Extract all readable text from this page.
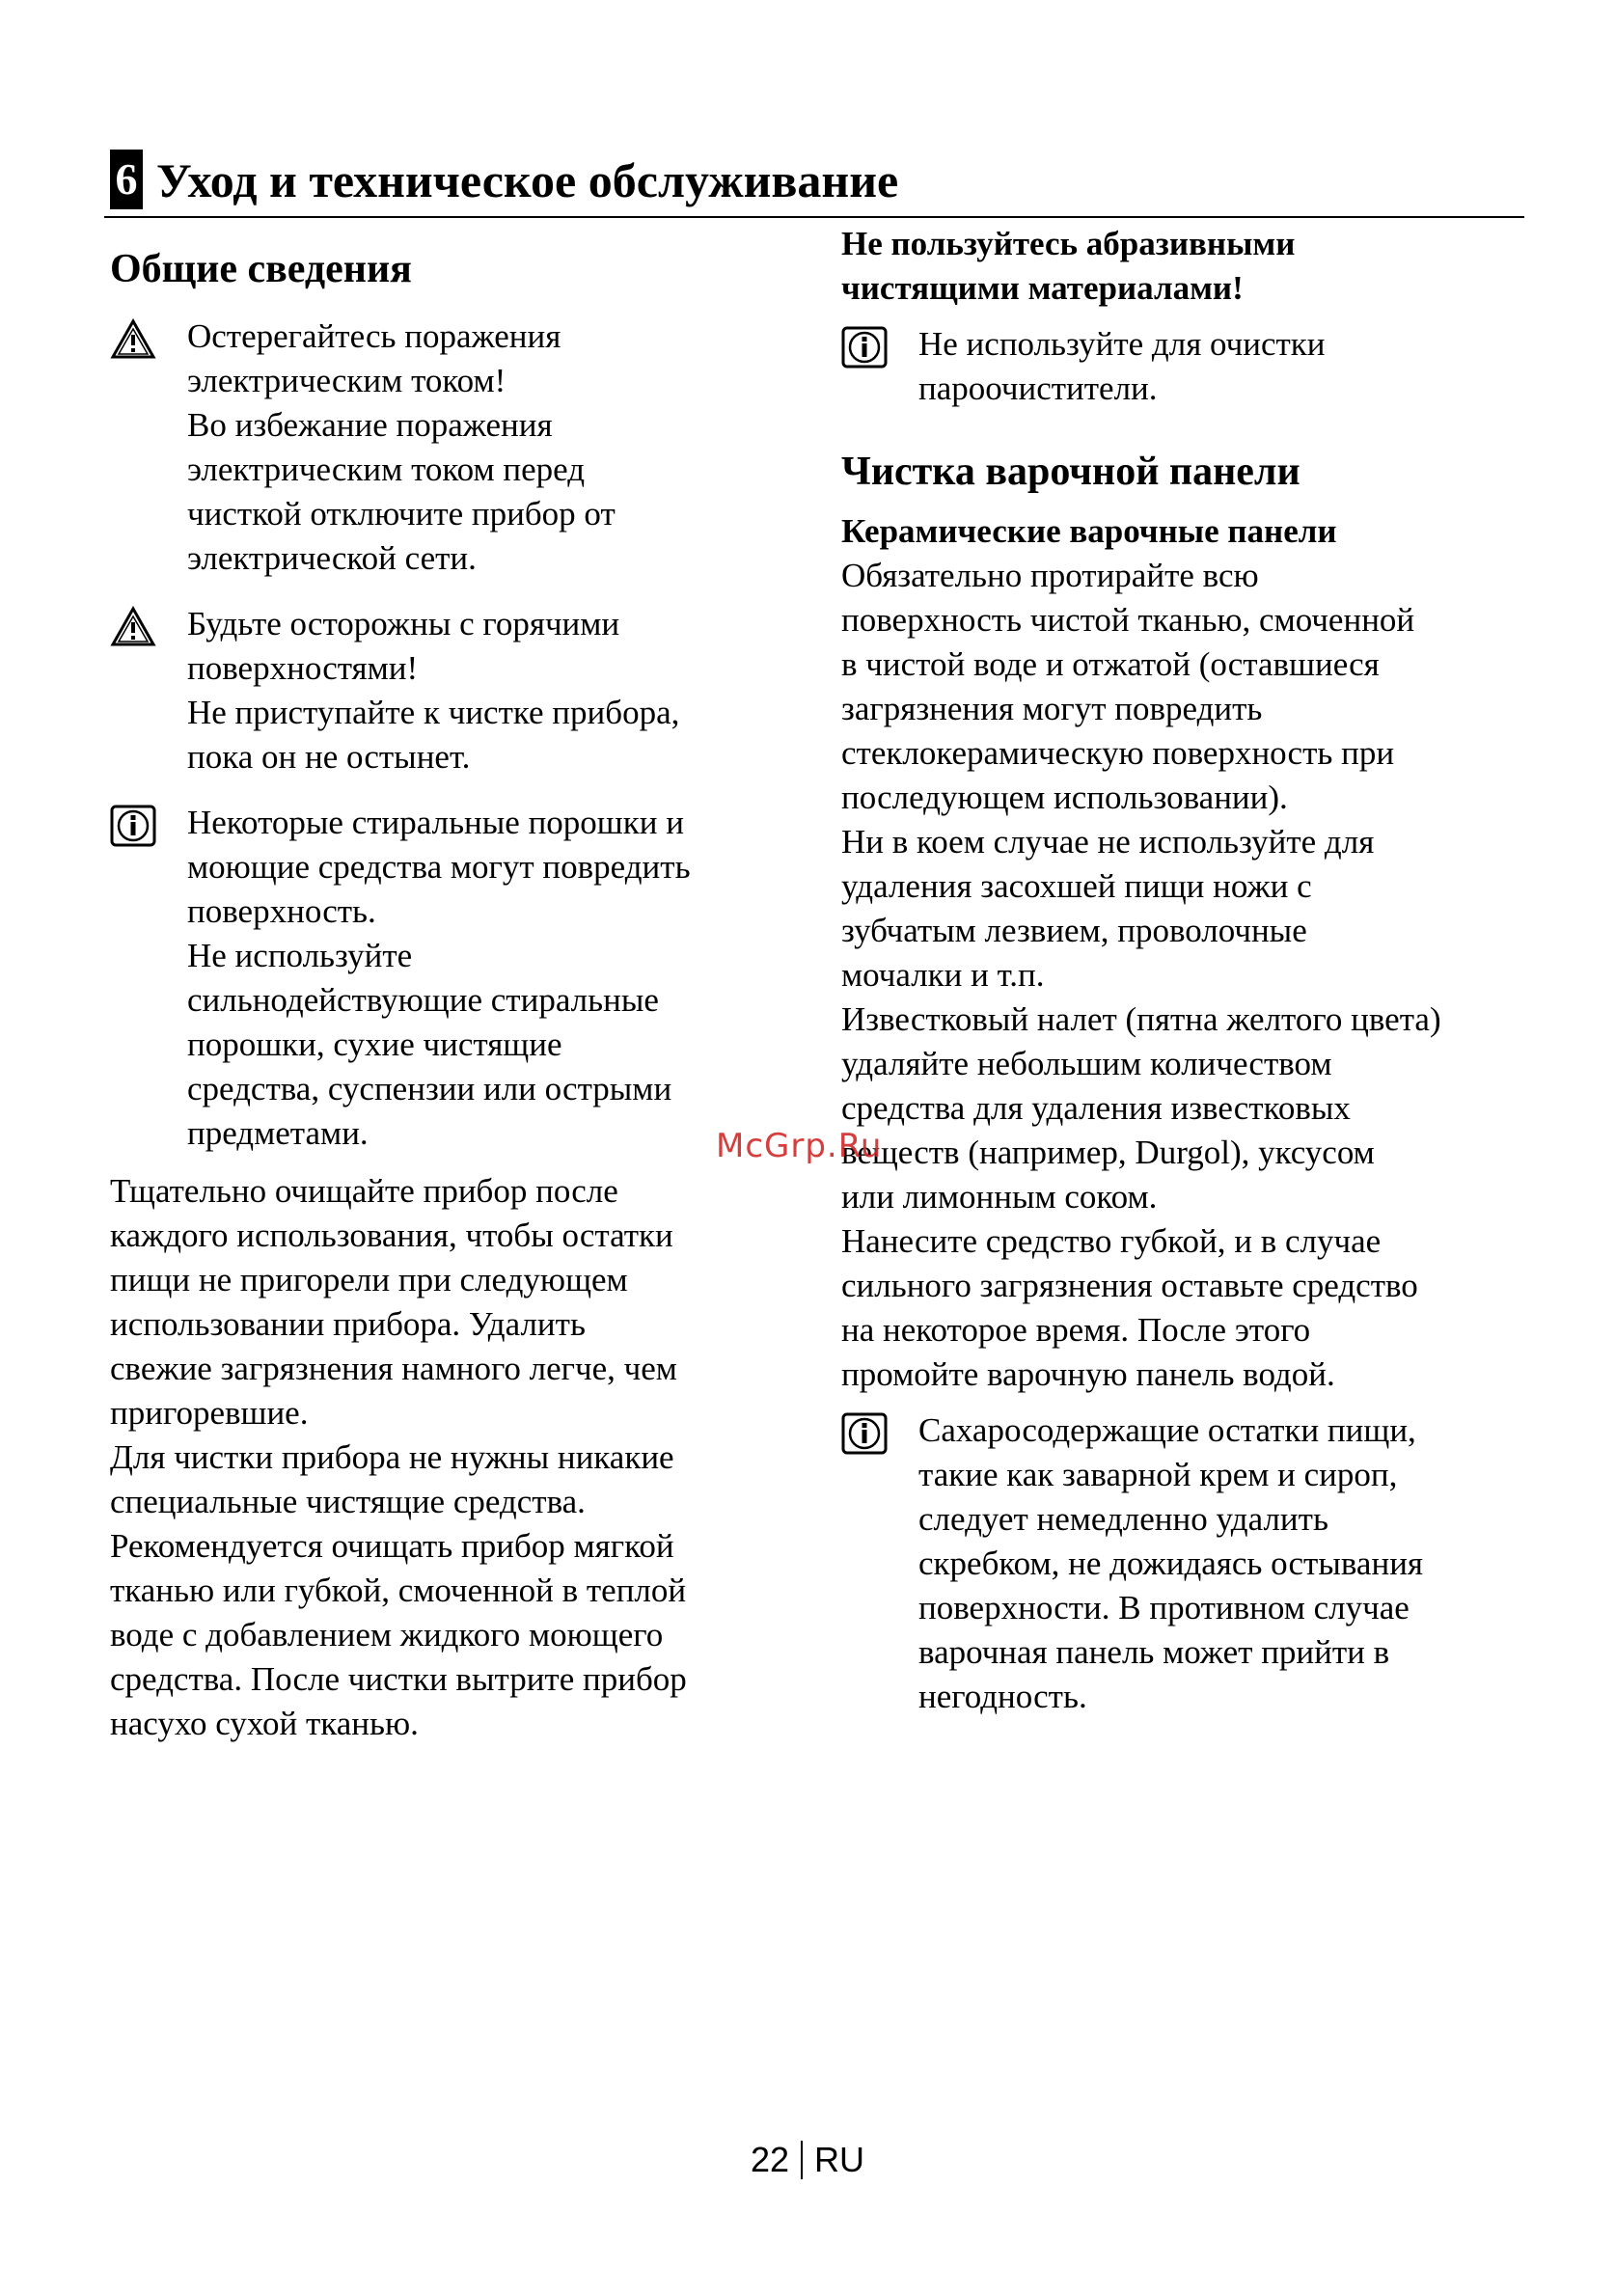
6 Уход и техническое обслуживание
Общие сведения
Остерегайтесь поражения
электрическим током!
Во избежание поражения
электрическим током перед
чисткой отключите прибор от
электрической сети.
Будьте осторожны с горячими
поверхностями!
Не приступайте к чистке прибора,
пока он не остынет.
Некоторые стиральные порошки и
моющие средства могут повредить
поверхность.
Не используйте
сильнодействующие стиральные
порошки, сухие чистящие
средства, суспензии или острыми
предметами.
Тщательно очищайте прибор после
каждого использования, чтобы остатки
пищи не пригорели при следующем
использовании прибора. Удалить
свежие загрязнения намного легче, чем
пригоревшие.
Для чистки прибора не нужны никакие
специальные чистящие средства.
Рекомендуется очищать прибор мягкой
тканью или губкой, смоченной в теплой
воде с добавлением жидкого моющего
средства. После чистки вытрите прибор
насухо сухой тканью.
Не пользуйтесь абразивными
чистящими материалами!
Не используйте для очистки
пароочистители.
Чистка варочной панели
Керамические варочные панели
Обязательно протирайте всю
поверхность чистой тканью, смоченной
в чистой воде и отжатой (оставшиеся
загрязнения могут повредить
стеклокерамическую поверхность при
последующем использовании).
Ни в коем случае не используйте для
удаления засохшей пищи ножи с
зубчатым лезвием, проволочные
мочалки и т.п.
Известковый налет (пятна желтого цвета)
удаляйте небольшим количеством
средства для удаления известковых
веществ (например, Durgol), уксусом
или лимонным соком.
Нанесите средство губкой, и в случае
сильного загрязнения оставьте средство
на некоторое время. После этого
промойте варочную панель водой.
Сахаросодержащие остатки пищи,
такие как заварной крем и сироп,
следует немедленно удалить
скребком, не дожидаясь остывания
поверхности. В противном случае
варочная панель может прийти в
негодность.
McGrp.Ru
22 RU
